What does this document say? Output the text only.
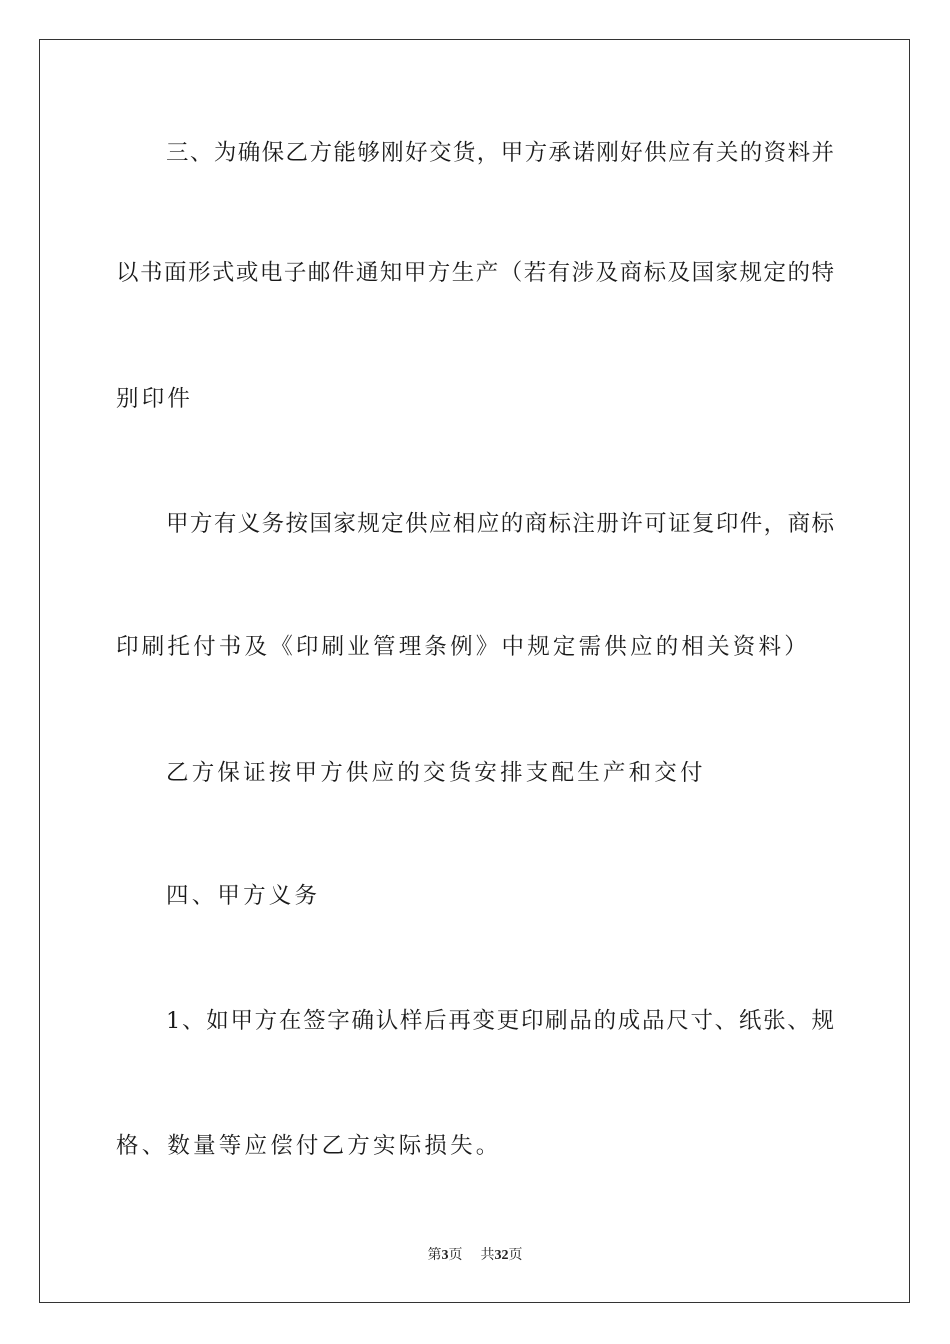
三、为确保乙方能够刚好交货，甲方承诺刚好供应有关的资料并
以书面形式或电子邮件通知甲方生产（若有涉及商标及国家规定的特
别印件
甲方有义务按国家规定供应相应的商标注册许可证复印件，商标
印刷托付书及《印刷业管理条例》中规定需供应的相关资料）
乙方保证按甲方供应的交货安排支配生产和交付
四、甲方义务
1、如甲方在签字确认样后再变更印刷品的成品尺寸、纸张、规
格、数量等应偿付乙方实际损失。
第3页 共32页
